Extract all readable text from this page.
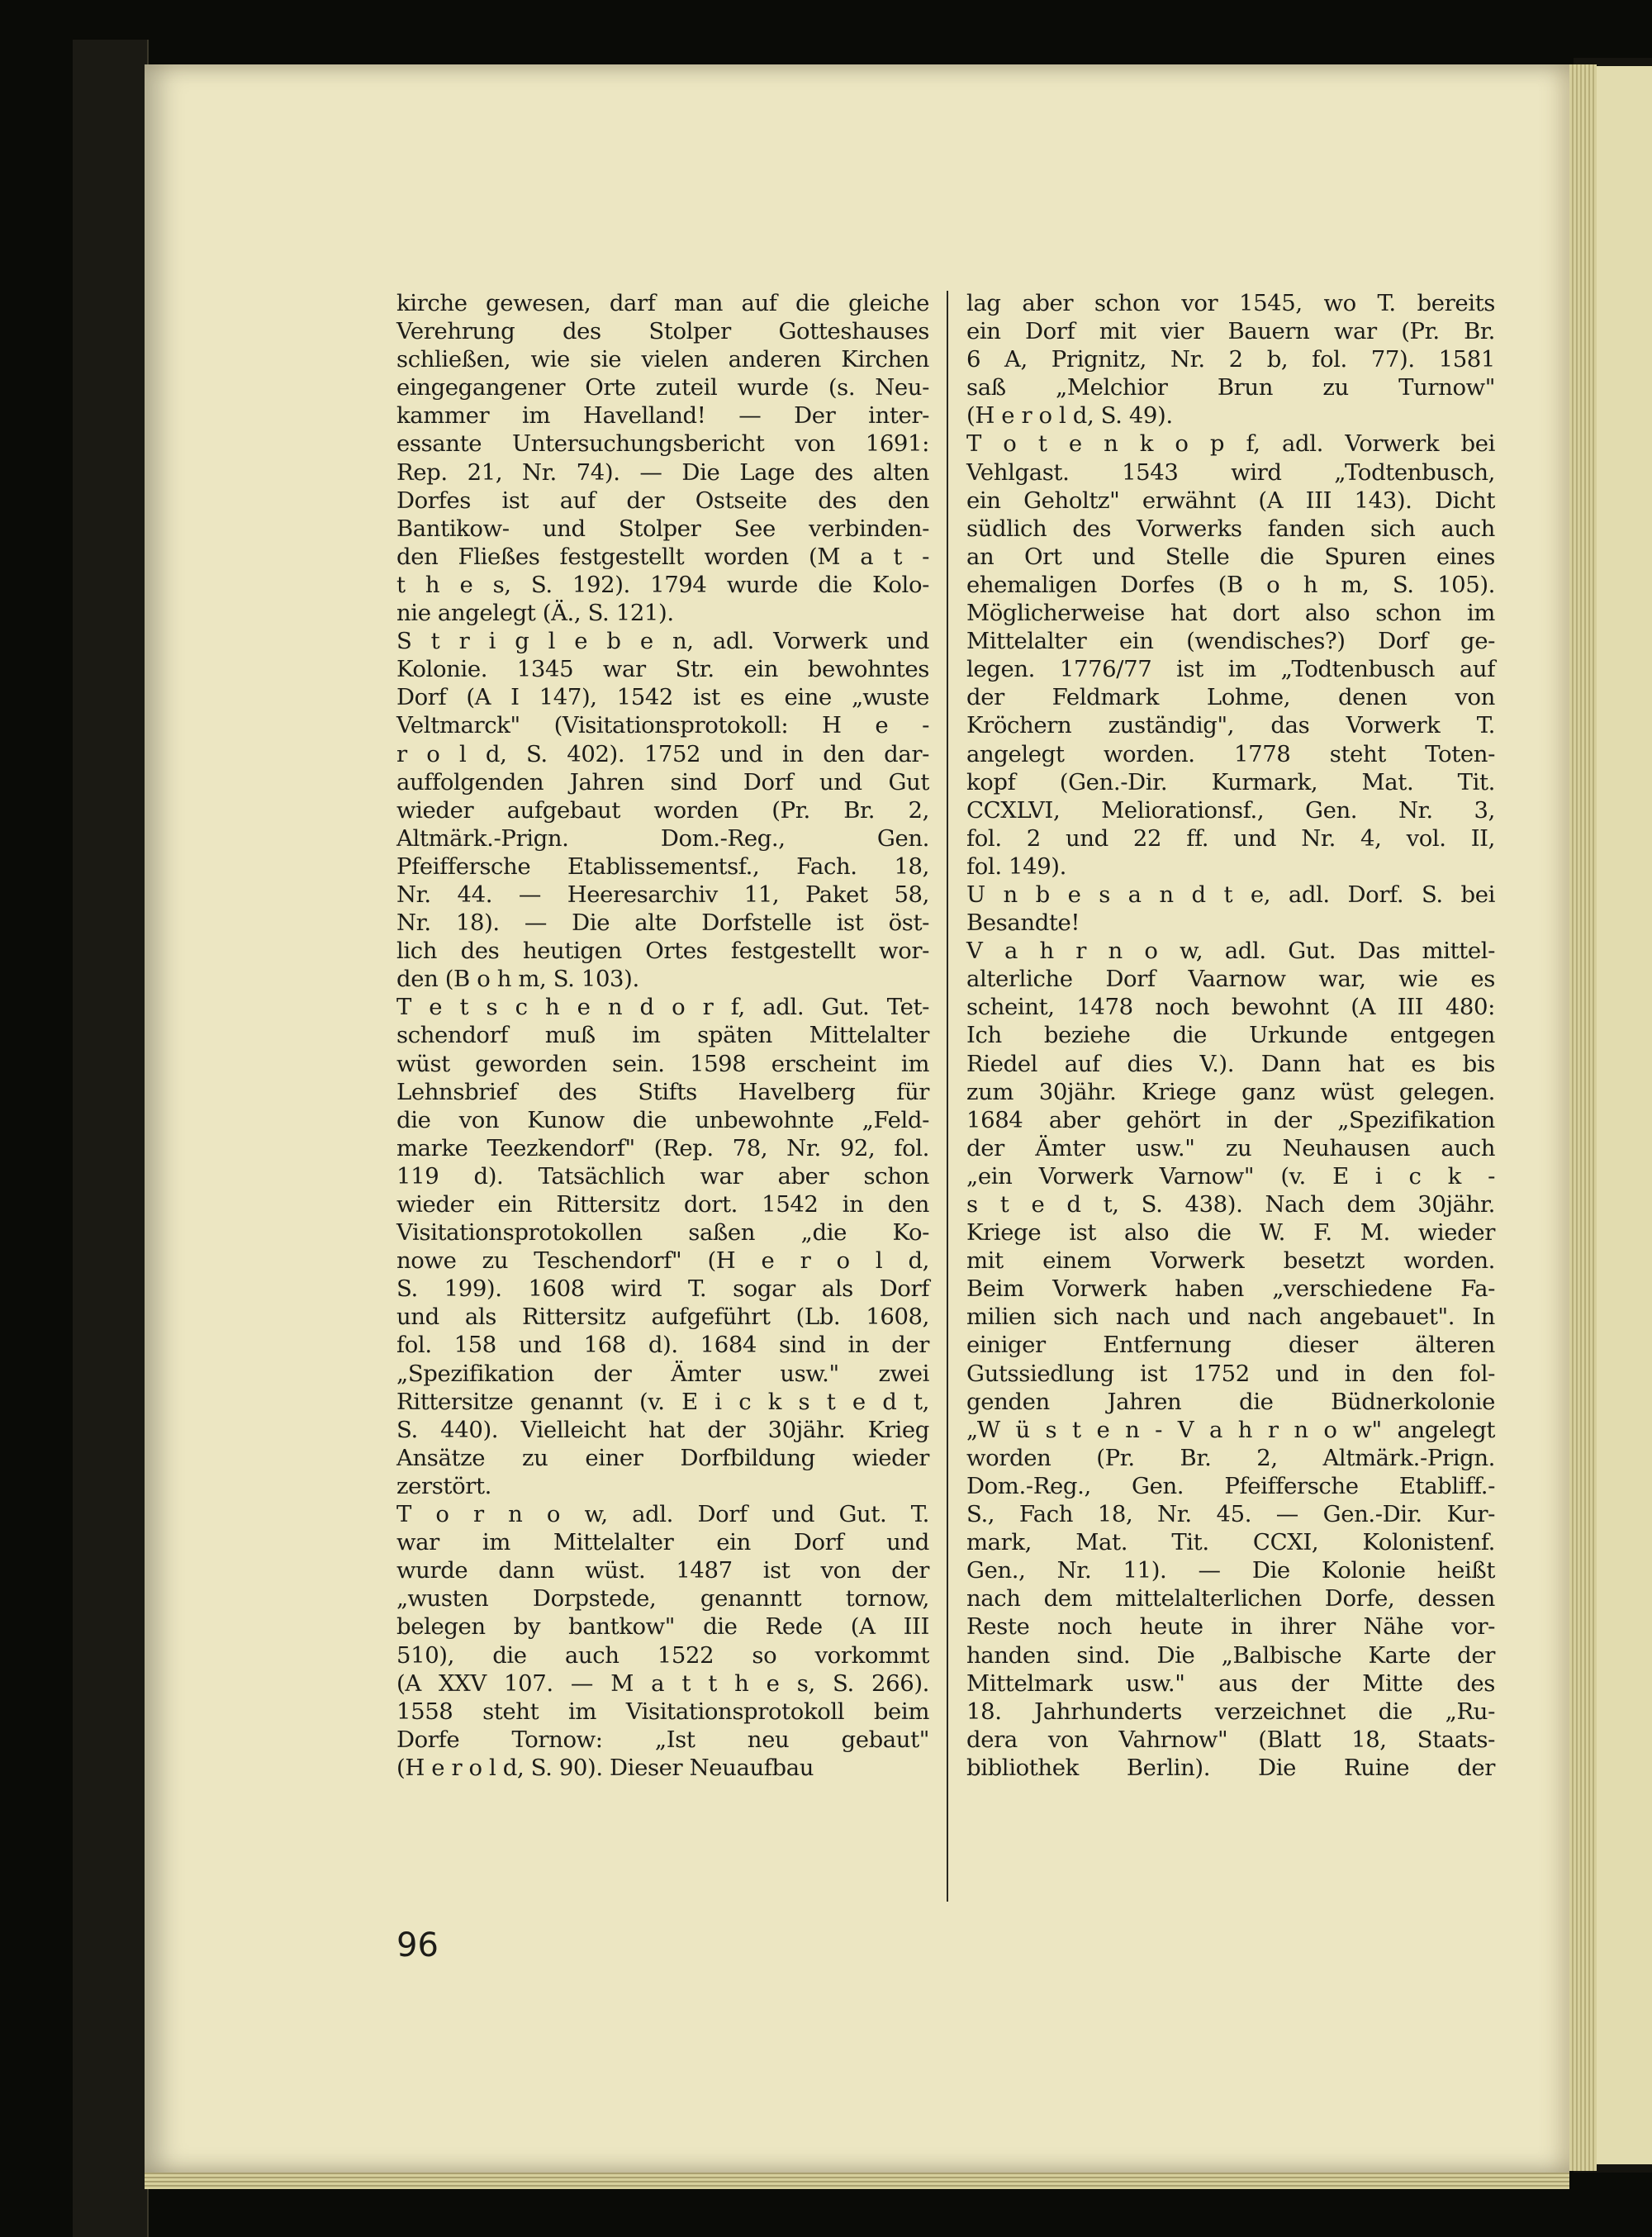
kirche gewesen, darf man auf die gleiche
Verehrung des Stolper Gotteshauses
schließen, wie sie vielen anderen Kirchen
eingegangener Orte zuteil wurde (s. Neu-
kammer im Havelland! — Der inter-
essante Untersuchungsbericht von 1691:
Rep. 21, Nr. 74). — Die Lage des alten
Dorfes ist auf der Ostseite des den
Bantikow- und Stolper See verbinden-
den Fließes festgestellt worden (M a t -
t h e s, S. 192). 1794 wurde die Kolo-
nie angelegt (Ä., S. 121).
S t r i g l e b e n, adl. Vorwerk und
Kolonie. 1345 war Str. ein bewohntes
Dorf (A I 147), 1542 ist es eine „wuste
Veltmarck" (Visitationsprotokoll: H e -
r o l d, S. 402). 1752 und in den dar-
auffolgenden Jahren sind Dorf und Gut
wieder aufgebaut worden (Pr. Br. 2,
Altmärk.-Prign. Dom.-Reg., Gen.
Pfeiffersche Etablissementsf., Fach. 18,
Nr. 44. — Heeresarchiv 11, Paket 58,
Nr. 18). — Die alte Dorfstelle ist öst-
lich des heutigen Ortes festgestellt wor-
den (B o h m, S. 103).
T e t s c h e n d o r f, adl. Gut. Tet-
schendorf muß im späten Mittelalter
wüst geworden sein. 1598 erscheint im
Lehnsbrief des Stifts Havelberg für
die von Kunow die unbewohnte „Feld-
marke Teezkendorf" (Rep. 78, Nr. 92, fol.
119 d). Tatsächlich war aber schon
wieder ein Rittersitz dort. 1542 in den
Visitationsprotokollen saßen „die Ko-
nowe zu Teschendorf" (H e r o l d,
S. 199). 1608 wird T. sogar als Dorf
und als Rittersitz aufgeführt (Lb. 1608,
fol. 158 und 168 d). 1684 sind in der
„Spezifikation der Ämter usw." zwei
Rittersitze genannt (v. E i c k s t e d t,
S. 440). Vielleicht hat der 30jähr. Krieg
Ansätze zu einer Dorfbildung wieder
zerstört.
T o r n o w, adl. Dorf und Gut. T.
war im Mittelalter ein Dorf und
wurde dann wüst. 1487 ist von der
„wusten Dorpstede, genanntt tornow,
belegen by bantkow" die Rede (A III
510), die auch 1522 so vorkommt
(A XXV 107. — M a t t h e s, S. 266).
1558 steht im Visitationsprotokoll beim
Dorfe Tornow: „Ist neu gebaut"
(H e r o l d, S. 90). Dieser Neuaufbau
lag aber schon vor 1545, wo T. bereits
ein Dorf mit vier Bauern war (Pr. Br.
6 A, Prignitz, Nr. 2 b, fol. 77). 1581
saß „Melchior Brun zu Turnow"
(H e r o l d, S. 49).
T o t e n k o p f, adl. Vorwerk bei
Vehlgast. 1543 wird „Todtenbusch,
ein Geholtz" erwähnt (A III 143). Dicht
südlich des Vorwerks fanden sich auch
an Ort und Stelle die Spuren eines
ehemaligen Dorfes (B o h m, S. 105).
Möglicherweise hat dort also schon im
Mittelalter ein (wendisches?) Dorf ge-
legen. 1776/77 ist im „Todtenbusch auf
der Feldmark Lohme, denen von
Kröchern zuständig", das Vorwerk T.
angelegt worden. 1778 steht Toten-
kopf (Gen.-Dir. Kurmark, Mat. Tit.
CCXLVI, Meliorationsf., Gen. Nr. 3,
fol. 2 und 22 ff. und Nr. 4, vol. II,
fol. 149).
U n b e s a n d t e, adl. Dorf. S. bei
Besandte!
V a h r n o w, adl. Gut. Das mittel-
alterliche Dorf Vaarnow war, wie es
scheint, 1478 noch bewohnt (A III 480:
Ich beziehe die Urkunde entgegen
Riedel auf dies V.). Dann hat es bis
zum 30jähr. Kriege ganz wüst gelegen.
1684 aber gehört in der „Spezifikation
der Ämter usw." zu Neuhausen auch
„ein Vorwerk Varnow" (v. E i c k -
s t e d t, S. 438). Nach dem 30jähr.
Kriege ist also die W. F. M. wieder
mit einem Vorwerk besetzt worden.
Beim Vorwerk haben „verschiedene Fa-
milien sich nach und nach angebauet". In
einiger Entfernung dieser älteren
Gutssiedlung ist 1752 und in den fol-
genden Jahren die Büdnerkolonie
„W ü s t e n - V a h r n o w" angelegt
worden (Pr. Br. 2, Altmärk.-Prign.
Dom.-Reg., Gen. Pfeiffersche Etabliff.-
S., Fach 18, Nr. 45. — Gen.-Dir. Kur-
mark, Mat. Tit. CCXI, Kolonistenf.
Gen., Nr. 11). — Die Kolonie heißt
nach dem mittelalterlichen Dorfe, dessen
Reste noch heute in ihrer Nähe vor-
handen sind. Die „Balbische Karte der
Mittelmark usw." aus der Mitte des
18. Jahrhunderts verzeichnet die „Ru-
dera von Vahrnow" (Blatt 18, Staats-
bibliothek Berlin). Die Ruine der
96
